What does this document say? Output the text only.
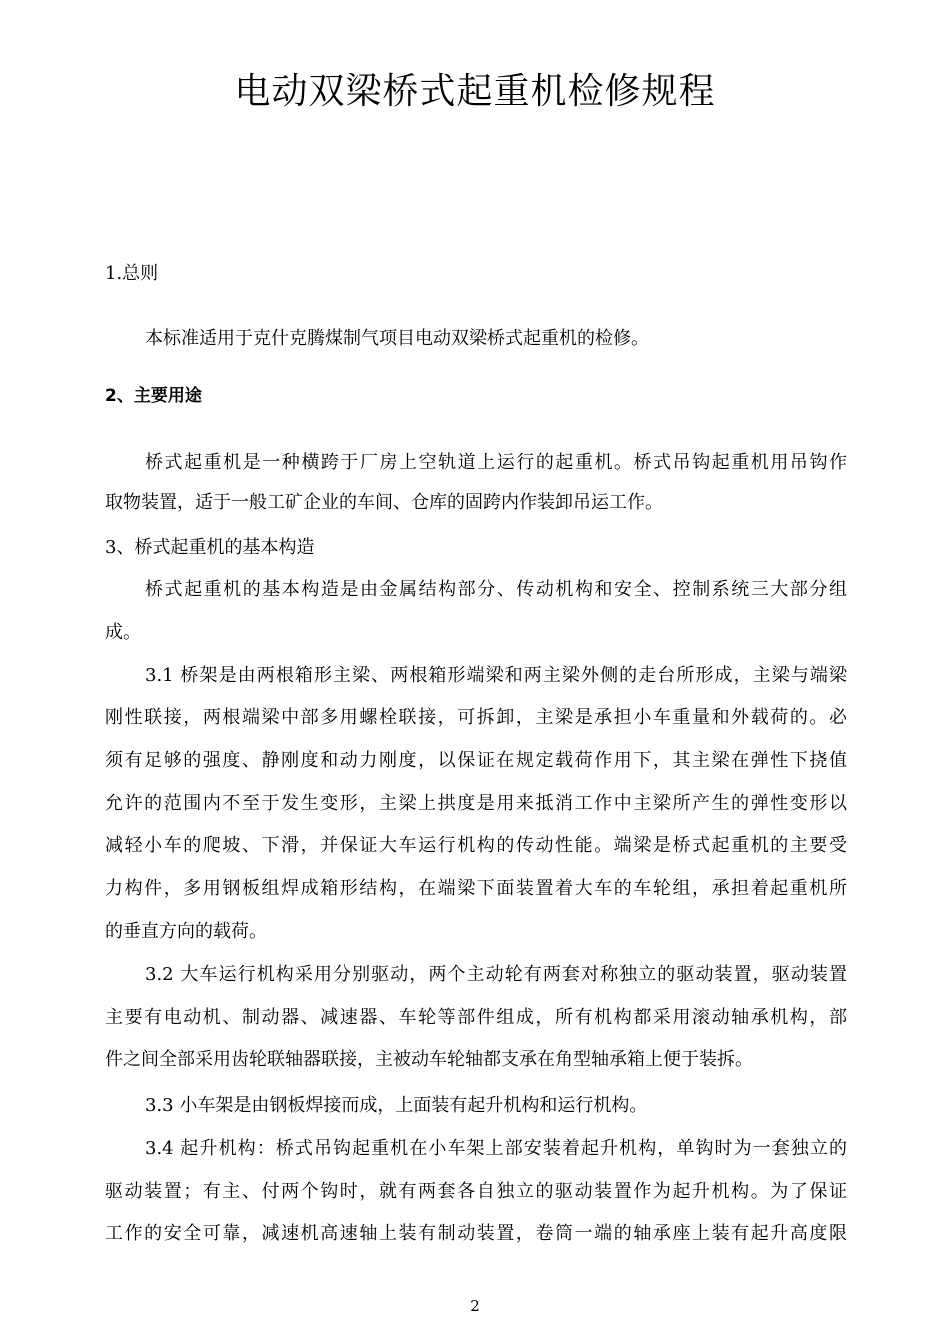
电动双梁桥式起重机检修规程
1.总则
本标准适用于克什克腾煤制气项目电动双梁桥式起重机的检修。
2、主要用途
桥式起重机是一种横跨于厂房上空轨道上运行的起重机。桥式吊钩起重机用吊钩作
取物装置，适于一般工矿企业的车间、仓库的固跨内作装卸吊运工作。
3、桥式起重机的基本构造
桥式起重机的基本构造是由金属结构部分、传动机构和安全、控制系统三大部分组
成。
3.1 桥架是由两根箱形主梁、两根箱形端梁和两主梁外侧的走台所形成，主梁与端梁
刚性联接，两根端梁中部多用螺栓联接，可拆卸，主梁是承担小车重量和外载荷的。必
须有足够的强度、静刚度和动力刚度，以保证在规定载荷作用下，其主梁在弹性下挠值
允许的范围内不至于发生变形，主梁上拱度是用来抵消工作中主梁所产生的弹性变形以
减轻小车的爬坡、下滑，并保证大车运行机构的传动性能。端梁是桥式起重机的主要受
力构件，多用钢板组焊成箱形结构，在端梁下面装置着大车的车轮组，承担着起重机所
的垂直方向的载荷。
3.2 大车运行机构采用分别驱动，两个主动轮有两套对称独立的驱动装置，驱动装置
主要有电动机、制动器、减速器、车轮等部件组成，所有机构都采用滚动轴承机构，部
件之间全部采用齿轮联轴器联接，主被动车轮轴都支承在角型轴承箱上便于装拆。
3.3 小车架是由钢板焊接而成，上面装有起升机构和运行机构。
3.4 起升机构：桥式吊钩起重机在小车架上部安装着起升机构，单钩时为一套独立的
驱动装置；有主、付两个钩时，就有两套各自独立的驱动装置作为起升机构。为了保证
工作的安全可靠，减速机高速轴上装有制动装置，卷筒一端的轴承座上装有起升高度限
2
